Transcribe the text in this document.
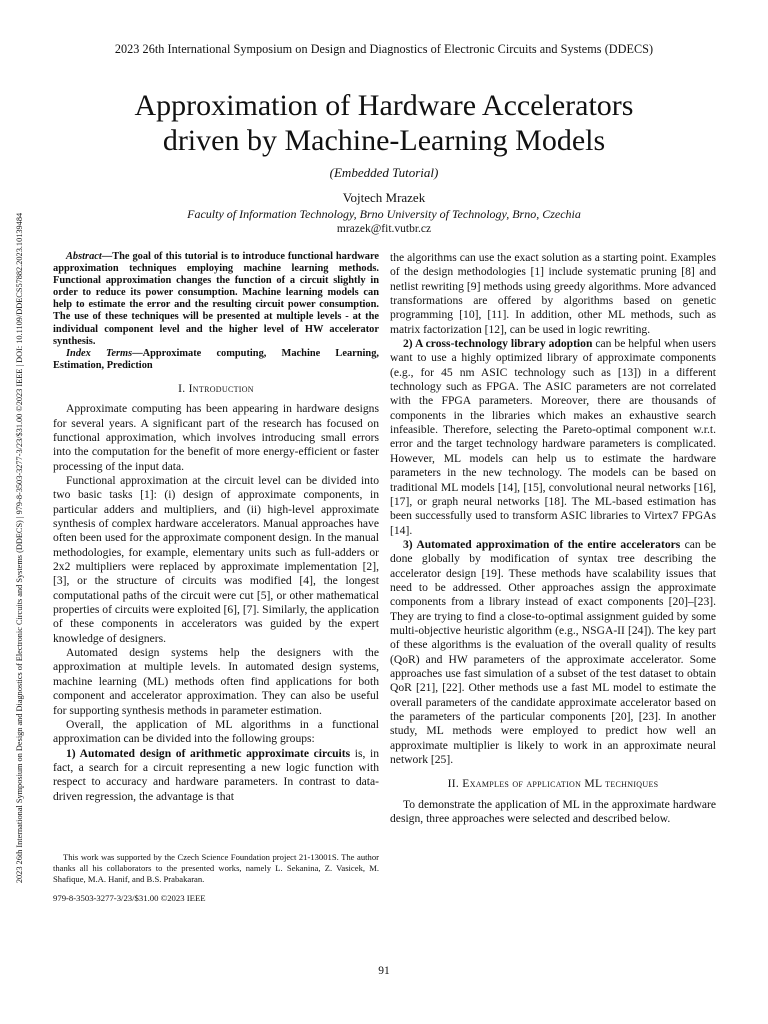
2023 26th International Symposium on Design and Diagnostics of Electronic Circuits and Systems (DDECS)
2023 26th International Symposium on Design and Diagnostics of Electronic Circuits and Systems (DDECS) | 979-8-3503-3277-3/23/$31.00 ©2023 IEEE | DOI: 10.1109/DDECS57882.2023.10139484
Approximation of Hardware Accelerators
driven by Machine-Learning Models
(Embedded Tutorial)
Vojtech Mrazek
Faculty of Information Technology, Brno University of Technology, Brno, Czechia
mrazek@fit.vutbr.cz

Abstract—The goal of this tutorial is to introduce functional hardware approximation techniques employing machine learning methods. Functional approximation changes the function of a circuit slightly in order to reduce its power consumption. Machine learning models can help to estimate the error and the resulting circuit power consumption. The use of these techniques will be presented at multiple levels - at the individual component level and the higher level of HW accelerator synthesis.

Index Terms—Approximate computing, Machine Learning, Estimation, Prediction

I. Introduction

Approximate computing has been appearing in hardware designs for several years. A significant part of the research has focused on functional approximation, which involves introducing small errors into the computation for the benefit of more energy-efficient or faster processing of the input data.

Functional approximation at the circuit level can be divided into two basic tasks [1]: (i) design of approximate components, in particular adders and multipliers, and (ii) high-level approximate synthesis of complex hardware accelerators. Manual approaches have often been used for the approximate component design. In the manual methodologies, for example, elementary units such as full-adders or 2x2 multipliers were replaced by approximate implementation [2], [3], or the structure of circuits was modified [4], the longest computational paths of the circuit were cut [5], or other mathematical properties of circuits were exploited [6], [7]. Similarly, the application of these components in accelerators was guided by the expert knowledge of designers.

Automated design systems help the designers with the approximation at multiple levels. In automated design systems, machine learning (ML) methods often find applications for both component and accelerator approximation. They can also be useful for supporting synthesis methods in parameter estimation.

Overall, the application of ML algorithms in a functional approximation can be divided into the following groups:

1) Automated design of arithmetic approximate circuits is, in fact, a search for a circuit representing a new logic function with respect to accuracy and hardware parameters. In contrast to data-driven regression, the advantage is that

the algorithms can use the exact solution as a starting point. Examples of the design methodologies [1] include systematic pruning [8] and netlist rewriting [9] methods using greedy algorithms. More advanced transformations are offered by algorithms based on genetic programming [10], [11]. In addition, other ML methods, such as matrix factorization [12], can be used in logic rewriting.

2) A cross-technology library adoption can be helpful when users want to use a highly optimized library of approximate components (e.g., for 45 nm ASIC technology such as [13]) in a different technology such as FPGA. The ASIC parameters are not correlated with the FPGA parameters. Moreover, there are thousands of components in the libraries which makes an exhaustive search infeasible. Therefore, selecting the Pareto-optimal component w.r.t. error and the target technology hardware parameters is complicated. However, ML models can help us to estimate the hardware parameters in the new technology. The models can be based on traditional ML models [14], [15], convolutional neural networks [16], [17], or graph neural networks [18]. The ML-based estimation has been successfully used to transform ASIC libraries to Virtex7 FPGAs [14].

3) Automated approximation of the entire accelerators can be done globally by modification of syntax tree describing the accelerator design [19]. These methods have scalability issues that need to be addressed. Other approaches assign the approximate components from a library instead of exact components [20]–[23]. They are trying to find a close-to-optimal assignment guided by some multi-objective heuristic algorithm (e.g., NSGA-II [24]). The key part of these algorithms is the evaluation of the overall quality of results (QoR) and HW parameters of the approximate accelerator. Some approaches use fast simulation of a subset of the test dataset to obtain QoR [21], [22]. Other methods use a fast ML model to estimate the overall parameters of the candidate approximate accelerator based on the parameters of the particular components [20], [23]. In another study, ML methods were employed to predict how well an approximate multiplier is likely to work in an approximate neural network [25].

II. Examples of application ML techniques

To demonstrate the application of ML in the approximate hardware design, three approaches were selected and described below.

This work was supported by the Czech Science Foundation project 21-13001S. The author thanks all his collaborators to the presented works, namely L. Sekanina, Z. Vasicek, M. Shafique, M.A. Hanif, and B.S. Prabakaran.

979-8-3503-3277-3/23/$31.00 ©2023 IEEE
91
